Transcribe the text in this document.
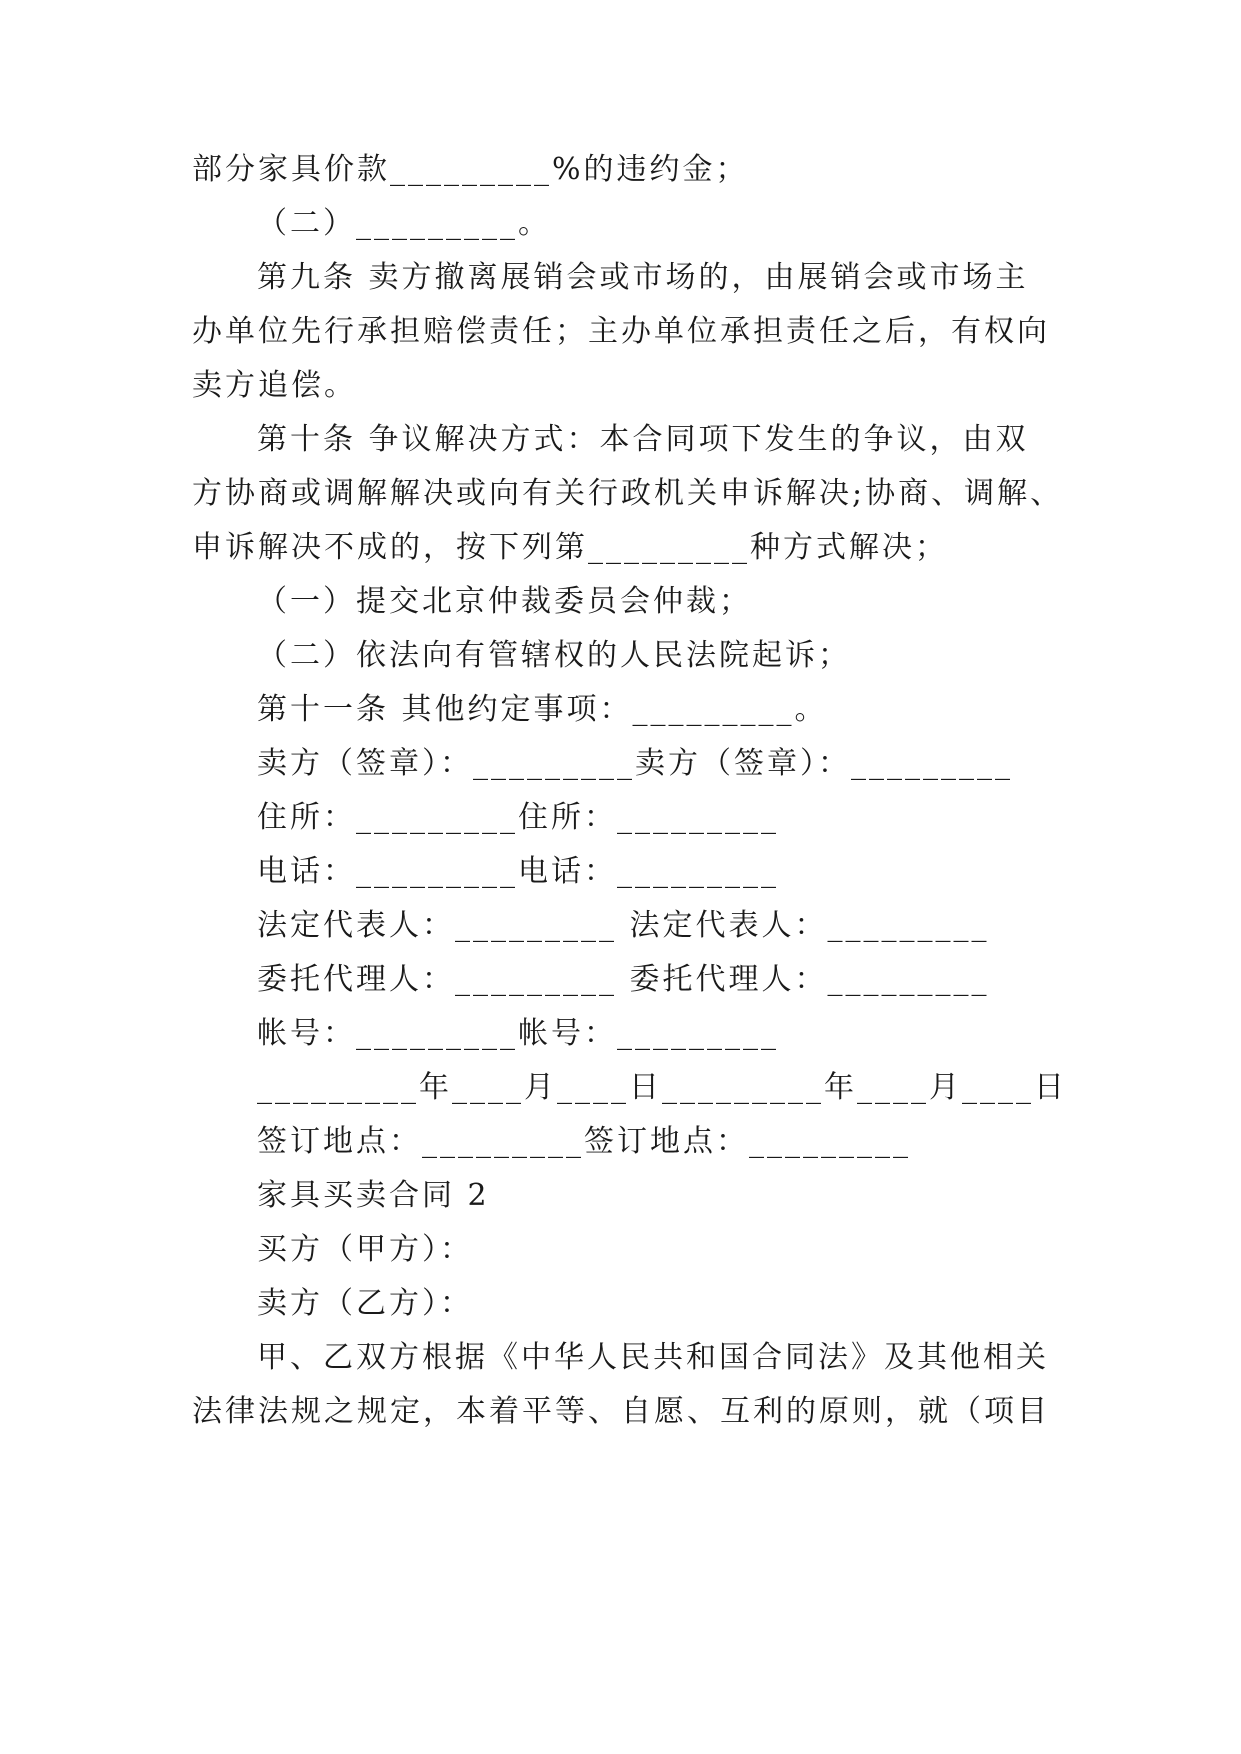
部分家具价款_________%的违约金；
（二）_________。
第九条 卖方撤离展销会或市场的，由展销会或市场主
办单位先行承担赔偿责任；主办单位承担责任之后，有权向
卖方追偿。
第十条 争议解决方式：本合同项下发生的争议，由双
方协商或调解解决或向有关行政机关申诉解决;协商、调解、
申诉解决不成的，按下列第_________种方式解决；
（一）提交北京仲裁委员会仲裁；
（二）依法向有管辖权的人民法院起诉；
第十一条 其他约定事项：_________。
卖方（签章）：_________卖方（签章）：_________
住所：_________住所：_________
电话：_________电话：_________
法定代表人：_________ 法定代表人：_________
委托代理人：_________ 委托代理人：_________
帐号：_________帐号：_________
_________年____月____日_________年____月____日
签订地点：_________签订地点：_________
家具买卖合同 2
买方（甲方）：
卖方（乙方）：
甲、乙双方根据《中华人民共和国合同法》及其他相关
法律法规之规定，本着平等、自愿、互利的原则，就（项目
